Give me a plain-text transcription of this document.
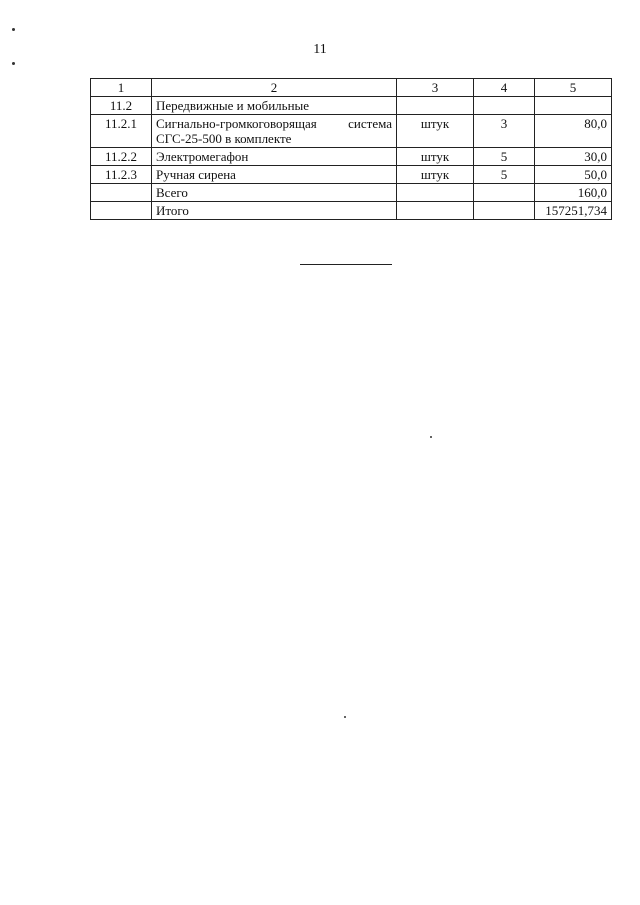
11
1	2	3	4	5
11.2	Передвижные и мобильные			
11.2.1	Сигнально-громкоговорящая система СГС-25-500 в комплекте	штук	3	80,0
11.2.2	Электромегафон	штук	5	30,0
11.2.3	Ручная сирена	штук	5	50,0
	Всего			160,0
	Итого			157251,734
